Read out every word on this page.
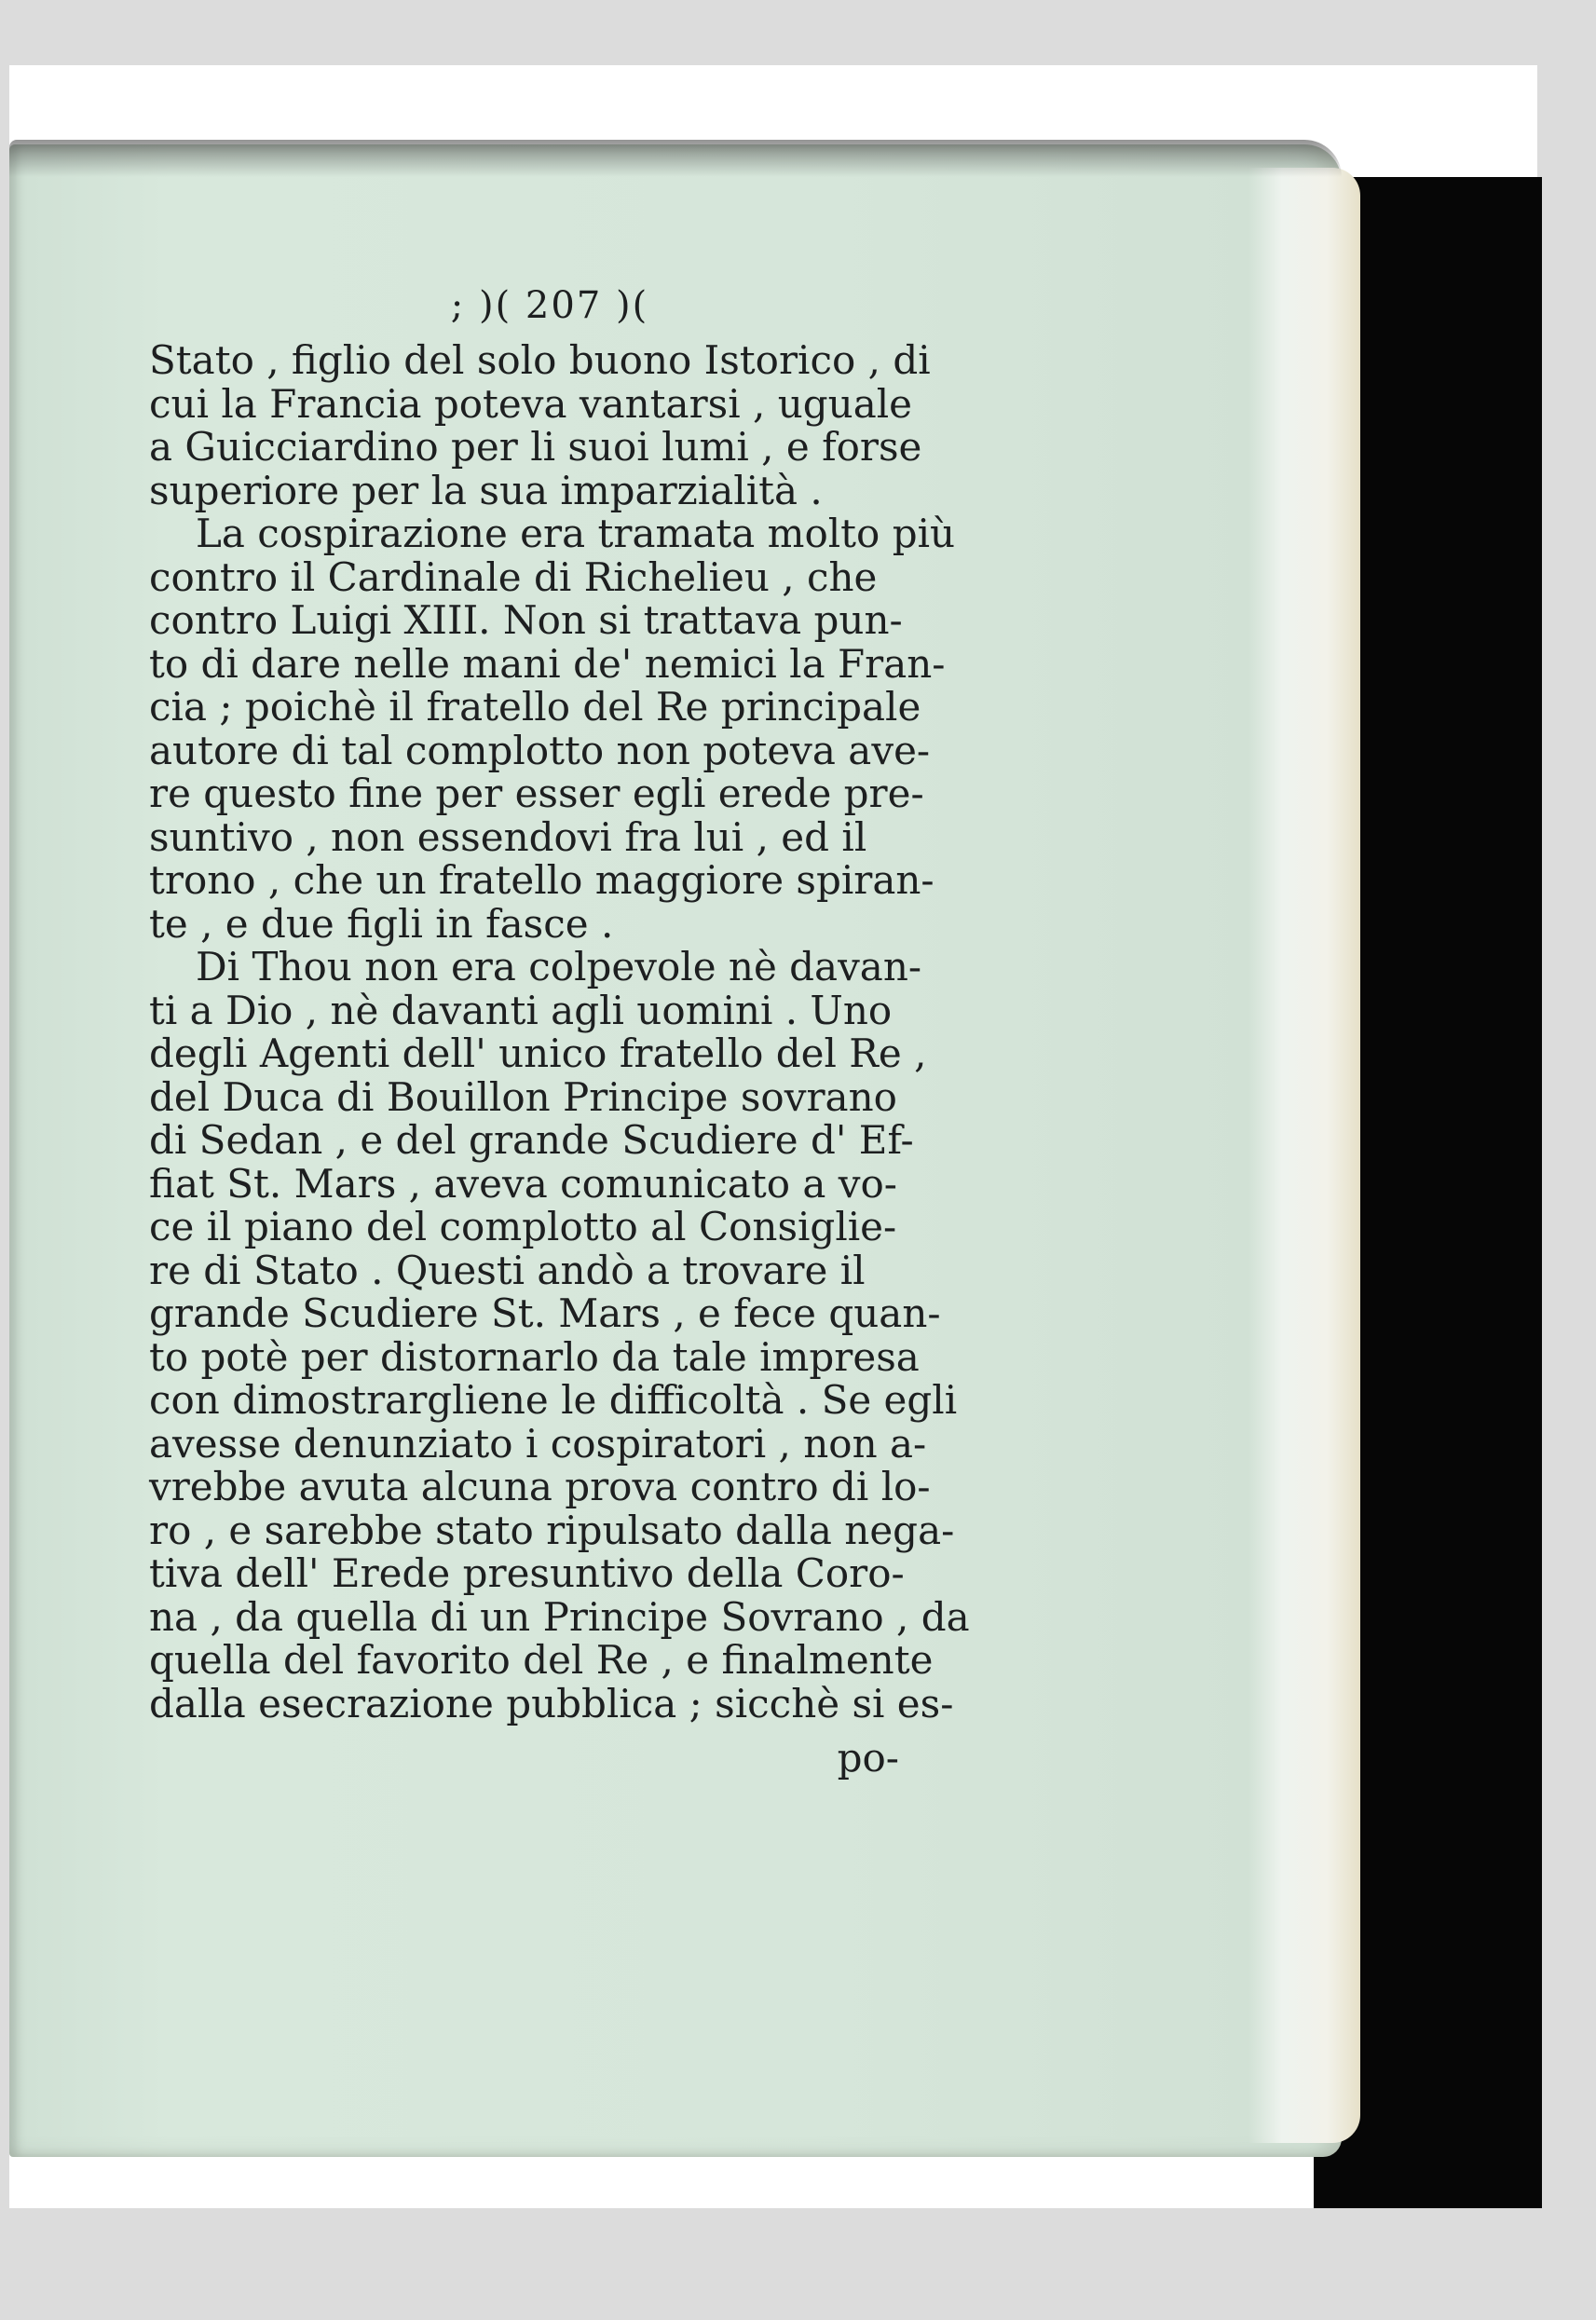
; )( 207 )(
Stato , figlio del solo buono Istorico , di
cui la Francia poteva vantarsi , uguale
a Guicciardino per li suoi lumi , e forse
superiore per la sua imparzialità .
La cospirazione era tramata molto più
contro il Cardinale di Richelieu , che
contro Luigi XIII. Non si trattava pun-
to di dare nelle mani de' nemici la Fran-
cia ; poichè il fratello del Re principale
autore di tal complotto non poteva ave-
re questo fine per esser egli erede pre-
suntivo , non essendovi fra lui , ed il
trono , che un fratello maggiore spiran-
te , e due figli in fasce .
Di Thou non era colpevole nè davan-
ti a Dio , nè davanti agli uomini . Uno
degli Agenti dell' unico fratello del Re ,
del Duca di Bouillon Principe sovrano
di Sedan , e del grande Scudiere d' Ef-
fiat St. Mars , aveva comunicato a vo-
ce il piano del complotto al Consiglie-
re di Stato . Questi andò a trovare il
grande Scudiere St. Mars , e fece quan-
to potè per distornarlo da tale impresa
con dimostrargliene le difficoltà . Se egli
avesse denunziato i cospiratori , non a-
vrebbe avuta alcuna prova contro di lo-
ro , e sarebbe stato ripulsato dalla nega-
tiva dell' Erede presuntivo della Coro-
na , da quella di un Principe Sovrano , da
quella del favorito del Re , e finalmente
dalla esecrazione pubblica ; sicchè si es-
po-
